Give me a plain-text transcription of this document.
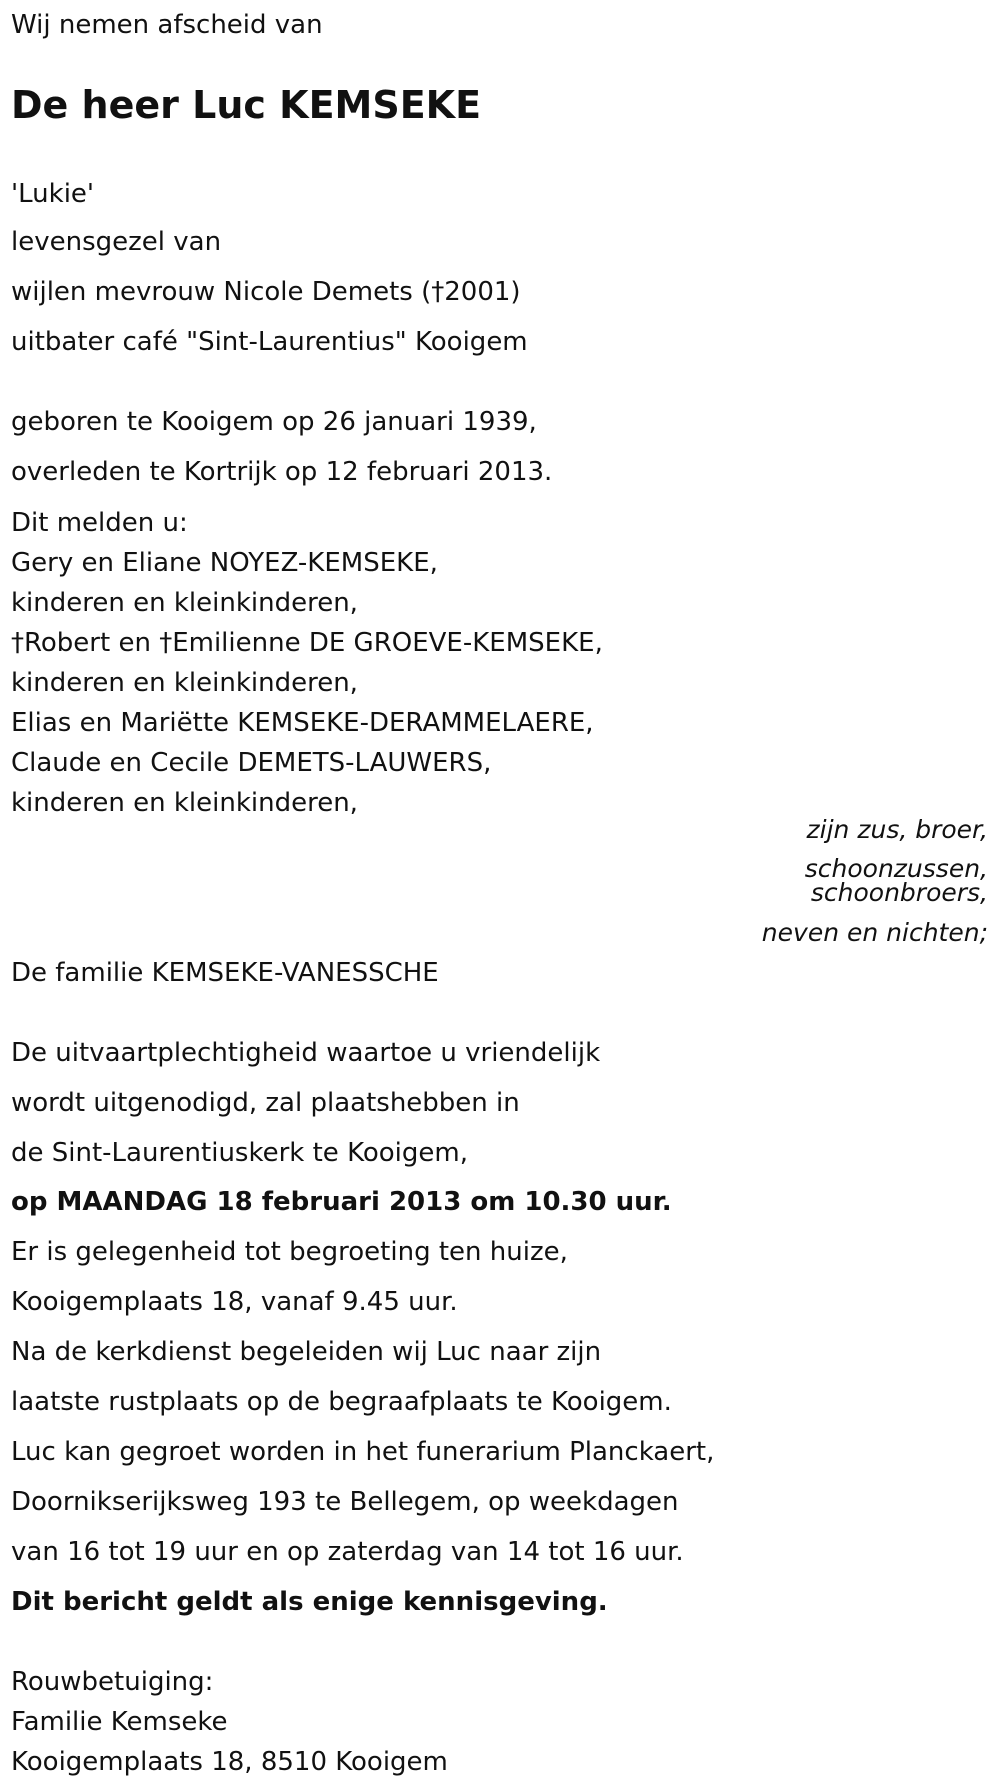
Wij nemen afscheid van
De heer Luc KEMSEKE
'Lukie'
levensgezel van
wijlen mevrouw Nicole Demets (†2001)
uitbater café "Sint-Laurentius" Kooigem
geboren te Kooigem op 26 januari 1939,
overleden te Kortrijk op 12 februari 2013.
Dit melden u:
Gery en Eliane NOYEZ-KEMSEKE,
kinderen en kleinkinderen,
†Robert en †Emilienne DE GROEVE-KEMSEKE,
kinderen en kleinkinderen,
Elias en Mariëtte KEMSEKE-DERAMMELAERE,
Claude en Cecile DEMETS-LAUWERS,
kinderen en kleinkinderen,
zijn zus, broer,
schoonzussen,
schoonbroers,
neven en nichten;
De familie KEMSEKE-VANESSCHE
De uitvaartplechtigheid waartoe u vriendelijk
wordt uitgenodigd, zal plaatshebben in
de Sint-Laurentiuskerk te Kooigem,
op MAANDAG 18 februari 2013 om 10.30 uur.
Er is gelegenheid tot begroeting ten huize,
Kooigemplaats 18, vanaf 9.45 uur.
Na de kerkdienst begeleiden wij Luc naar zijn
laatste rustplaats op de begraafplaats te Kooigem.
Luc kan gegroet worden in het funerarium Planckaert,
Doornikserijksweg 193 te Bellegem, op weekdagen
van 16 tot 19 uur en op zaterdag van 14 tot 16 uur.
Dit bericht geldt als enige kennisgeving.
Rouwbetuiging:
Familie Kemseke
Kooigemplaats 18, 8510 Kooigem
